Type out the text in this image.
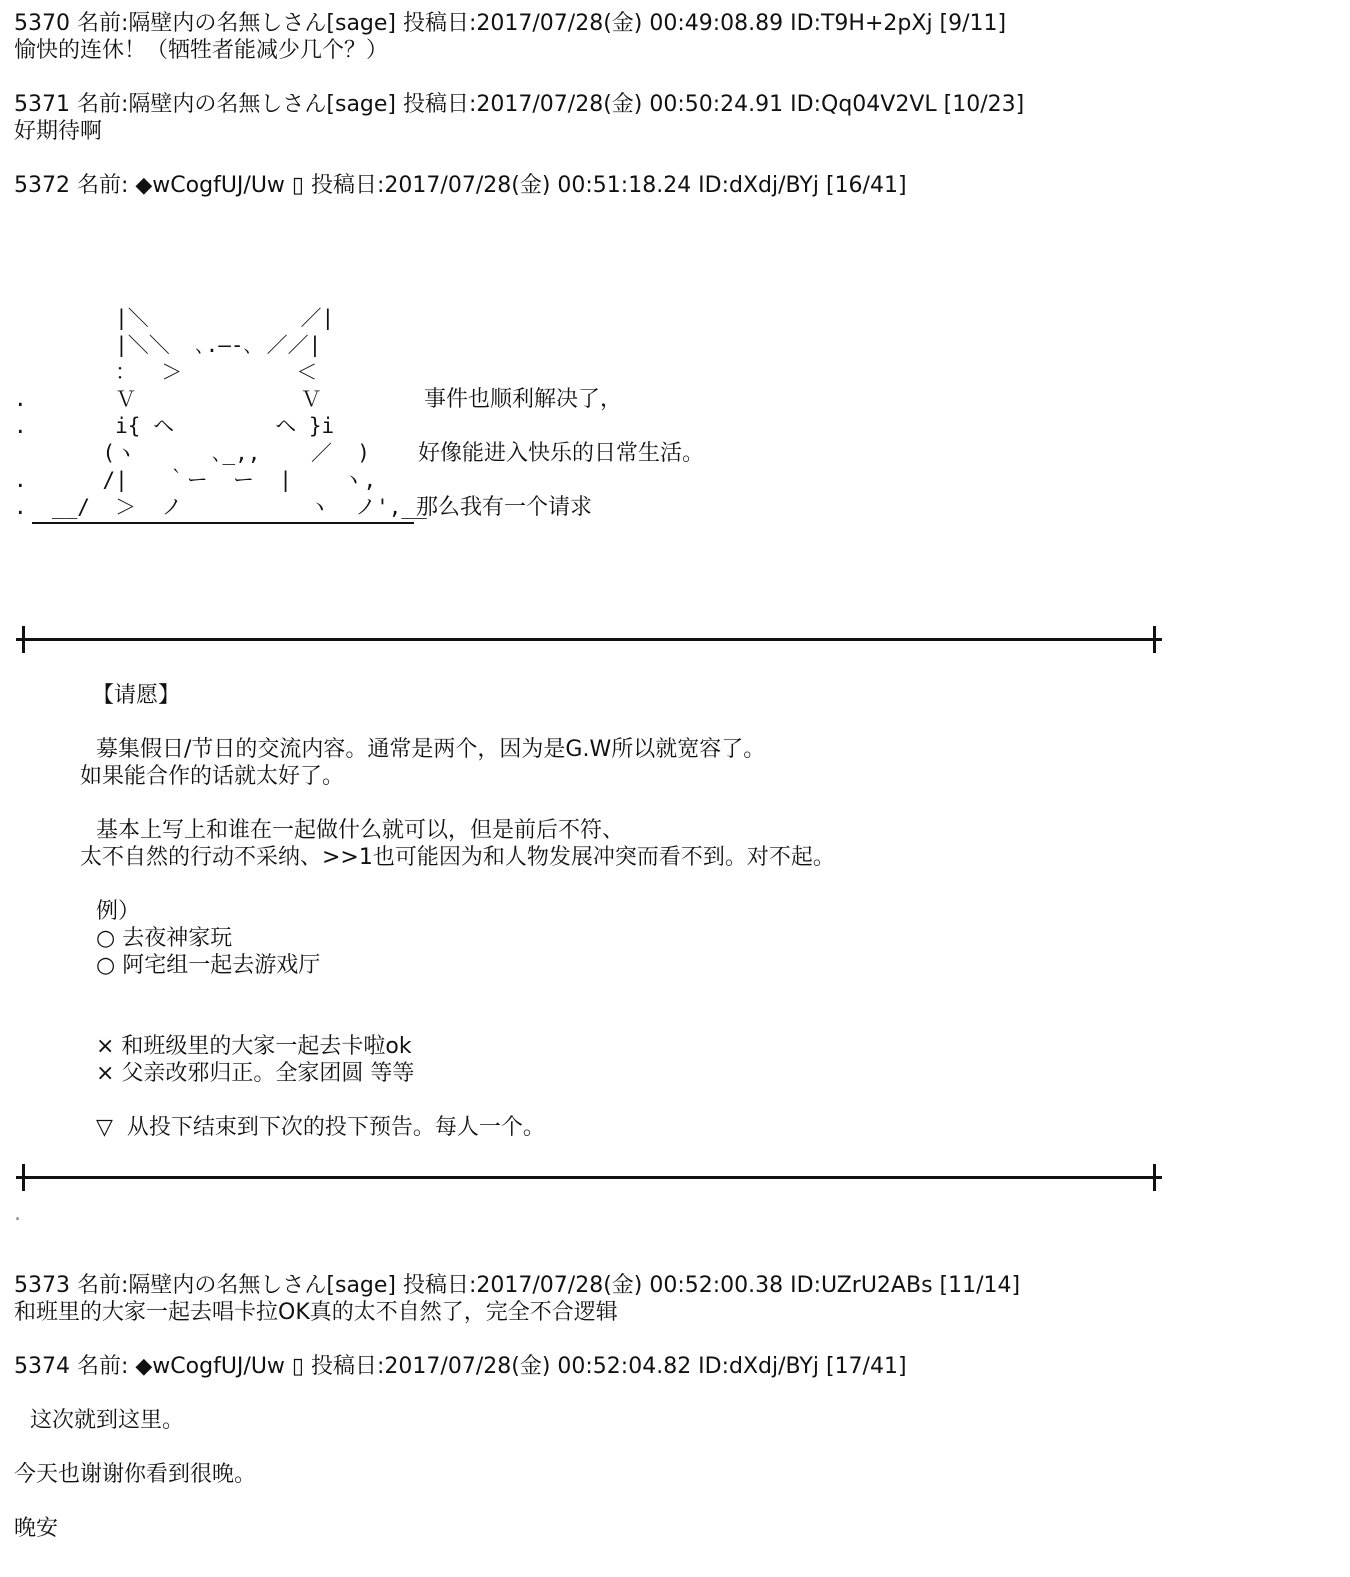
5370 名前:隔壁内の名無しさん[sage] 投稿日:2017/07/28(金) 00:49:08.89 ID:T9H+2pXj [9/11]
愉快的连休！（牺牲者能减少几个？）
5371 名前:隔壁内の名無しさん[sage] 投稿日:2017/07/28(金) 00:50:24.91 ID:Qq04V2VL [10/23]
好期待啊
5372 名前: ◆wCogfUJ/Uw ▯ 投稿日:2017/07/28(金) 00:51:18.24 ID:dXdj/BYj [16/41]
|＼            ／|
|＼＼  ､.―-､ ／／|
：  ＞         ＜
.       Ｖ             Ｖ
.       i{ ヘ        ヘ }i
(ヽ      ､_,,    ／  )
.      /|   ｀ー  ー  |    ヽ,
.  __/  ＞  ノ          ヽ  ノ',__
事件也顺利解决了，
好像能进入快乐的日常生活。
那么我有一个请求
【请愿】
募集假日/节日的交流内容。通常是两个，因为是G.W所以就宽容了。
如果能合作的话就太好了。
基本上写上和谁在一起做什么就可以，但是前后不符、
太不自然的行动不采纳、>>1也可能因为和人物发展冲突而看不到。对不起。
例）
○ 去夜神家玩
○ 阿宅组一起去游戏厅
× 和班级里的大家一起去卡啦ok
× 父亲改邪归正。全家团圆 等等
▽  从投下结束到下次的投下预告。每人一个。
.
5373 名前:隔壁内の名無しさん[sage] 投稿日:2017/07/28(金) 00:52:00.38 ID:UZrU2ABs [11/14]
和班里的大家一起去唱卡拉OK真的太不自然了，完全不合逻辑
5374 名前: ◆wCogfUJ/Uw ▯ 投稿日:2017/07/28(金) 00:52:04.82 ID:dXdj/BYj [17/41]
这次就到这里。
今天也谢谢你看到很晚。
晚安
